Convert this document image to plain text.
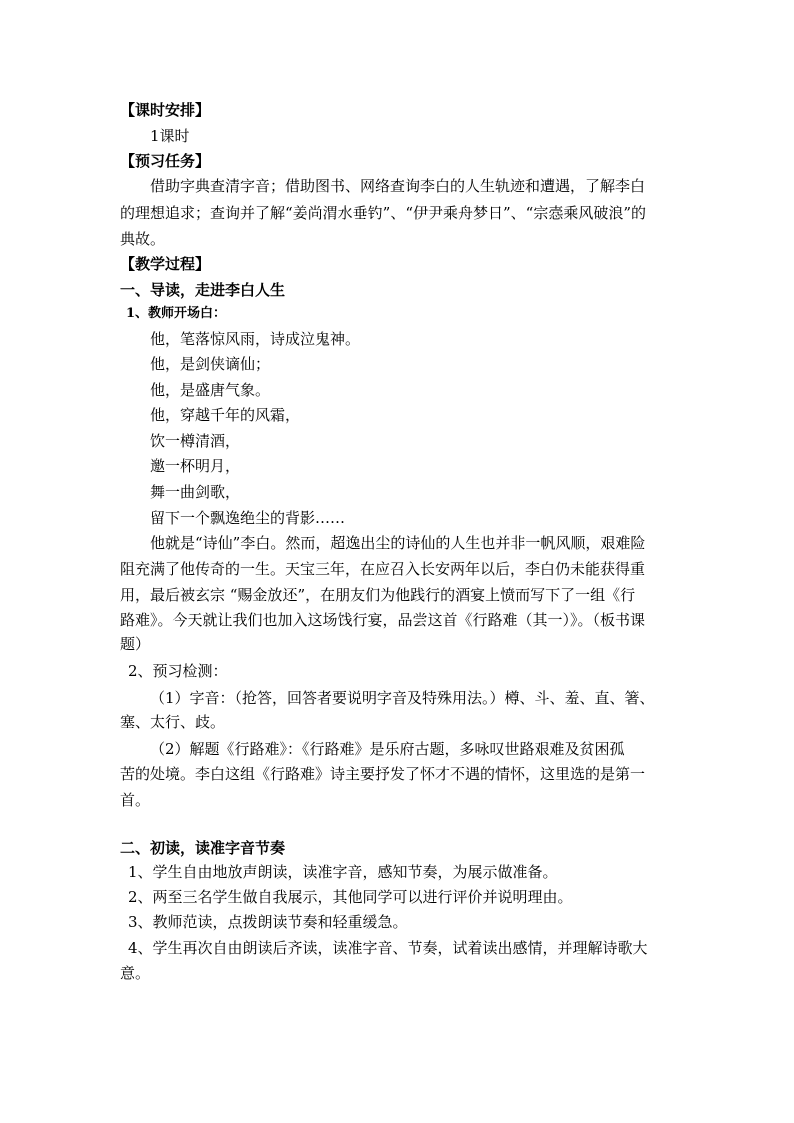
【课时安排】
1课时
【预习任务】
借助字典查清字音；借助图书、网络查询李白的人生轨迹和遭遇，了解李白
的理想追求；查询并了解“姜尚渭水垂钓”、“伊尹乘舟梦日”、“宗悫乘风破浪”的
典故。
【教学过程】
一、导读，走进李白人生
1、教师开场白：
他，笔落惊风雨，诗成泣鬼神。
他，是剑侠谪仙；
他，是盛唐气象。
他，穿越千年的风霜，
饮一樽清酒，
邀一杯明月，
舞一曲剑歌，
留下一个飘逸绝尘的背影……
他就是“诗仙”李白。然而，超逸出尘的诗仙的人生也并非一帆风顺，艰难险
阻充满了他传奇的一生。天宝三年，在应召入长安两年以后，李白仍未能获得重
用，最后被玄宗 “赐金放还”，在朋友们为他践行的酒宴上愤而写下了一组《行
路难》。今天就让我们也加入这场饯行宴，品尝这首《行路难（其一）》。（板书课
题）
2、预习检测：
（1）字音：（抢答，回答者要说明字音及特殊用法。）樽、斗、羞、直、箸、
塞、太行、歧。
（2）解题《行路难》：《行路难》是乐府古题，多咏叹世路艰难及贫困孤
苦的处境。李白这组《行路难》诗主要抒发了怀才不遇的情怀，这里选的是第一
首。
二、初读，读准字音节奏
1、学生自由地放声朗读，读准字音，感知节奏，为展示做准备。
2、两至三名学生做自我展示，其他同学可以进行评价并说明理由。
3、教师范读，点拨朗读节奏和轻重缓急。
4、学生再次自由朗读后齐读，读准字音、节奏，试着读出感情，并理解诗歌大
意。
